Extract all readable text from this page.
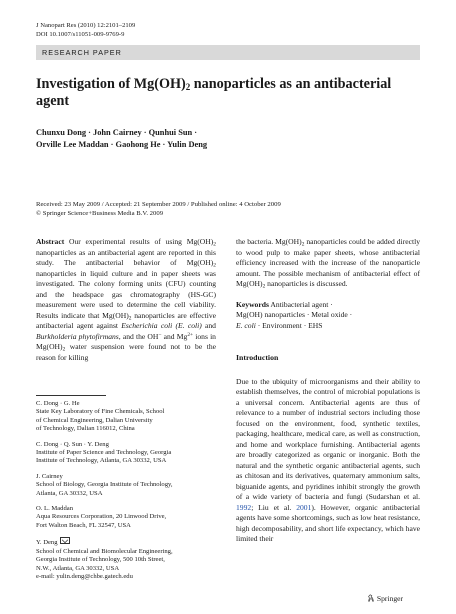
J Nanopart Res (2010) 12:2101–2109
DOI 10.1007/s11051-009-9769-9
RESEARCH PAPER
Investigation of $Mg(OH)_2$ nanoparticles as an antibacterial agent
Chunxu Dong · John Cairney · Qunhui Sun ·
Orville Lee Maddan · Gaohong He · Yulin Deng
Received: 23 May 2009 / Accepted: 21 September 2009 / Published online: 4 October 2009
© Springer Science+Business Media B.V. 2009
Abstract Our experimental results of using $Mg(OH)_2$ nanoparticles as an antibacterial agent are reported in this study. The antibacterial behavior of $Mg(OH)_2$ nanoparticles in liquid culture and in paper sheets was investigated. The colony forming units (CFU) counting and the headspace gas chromatography (HS-GC) measurement were used to determine the cell viability. Results indicate that $Mg(OH)_2$ nanoparticles are effective antibacterial agent against Escherichia coli (E. coli) and Burkholderia phytofirmans, and the OH− and $Mg^{2+}$ ions in $Mg(OH)_2$ water suspension were found not to be the reason for killing

C. Dong · G. He
State Key Laboratory of Fine Chemicals, School
of Chemical Engineering, Dalian University
of Technology, Dalian 116012, China

C. Dong · Q. Sun · Y. Deng
Institute of Paper Science and Technology, Georgia
Institute of Technology, Atlanta, GA 30332, USA

J. Cairney
School of Biology, Georgia Institute of Technology,
Atlanta, GA 30332, USA

O. L. Maddan
Aqua Resources Corporation, 20 Linwood Drive,
Fort Walton Beach, FL 32547, USA

Y. Deng
School of Chemical and Biomolecular Engineering,
Georgia Institute of Technology, 500 10th Street,
N.W., Atlanta, GA 30332, USA
e-mail: yulin.deng@chbe.gatech.edu

the bacteria. $Mg(OH)_2$ nanoparticles could be added directly to wood pulp to make paper sheets, whose antibacterial efficiency increased with the increase of the nanoparticle amount. The possible mechanism of antibacterial effect of $Mg(OH)_2$ nanoparticles is discussed.
Keywords Antibacterial agent ·
Mg(OH) nanoparticles · Metal oxide ·
E. coli · Environment · EHS
Introduction
Due to the ubiquity of microorganisms and their ability to establish themselves, the control of microbial populations is a universal concern. Antibacterial agents are thus of relevance to a number of industrial sectors including those focused on the environment, food, synthetic textiles, packaging, healthcare, medical care, as well as construction, and home and workplace furnishing. Antibacterial agents are broadly categorized as organic or inorganic. Both the natural and the synthetic organic antibacterial agents, such as chitosan and its derivatives, quaternary ammonium salts, biguanide agents, and pyridines inhibit strongly the growth of a wide variety of bacteria and fungi (Sudarshan et al. 1992; Liu et al. 2001). However, organic antibacterial agents have some shortcomings, such as low heat resistance, high decomposability, and short life expectancy, which have limited their
Springer
